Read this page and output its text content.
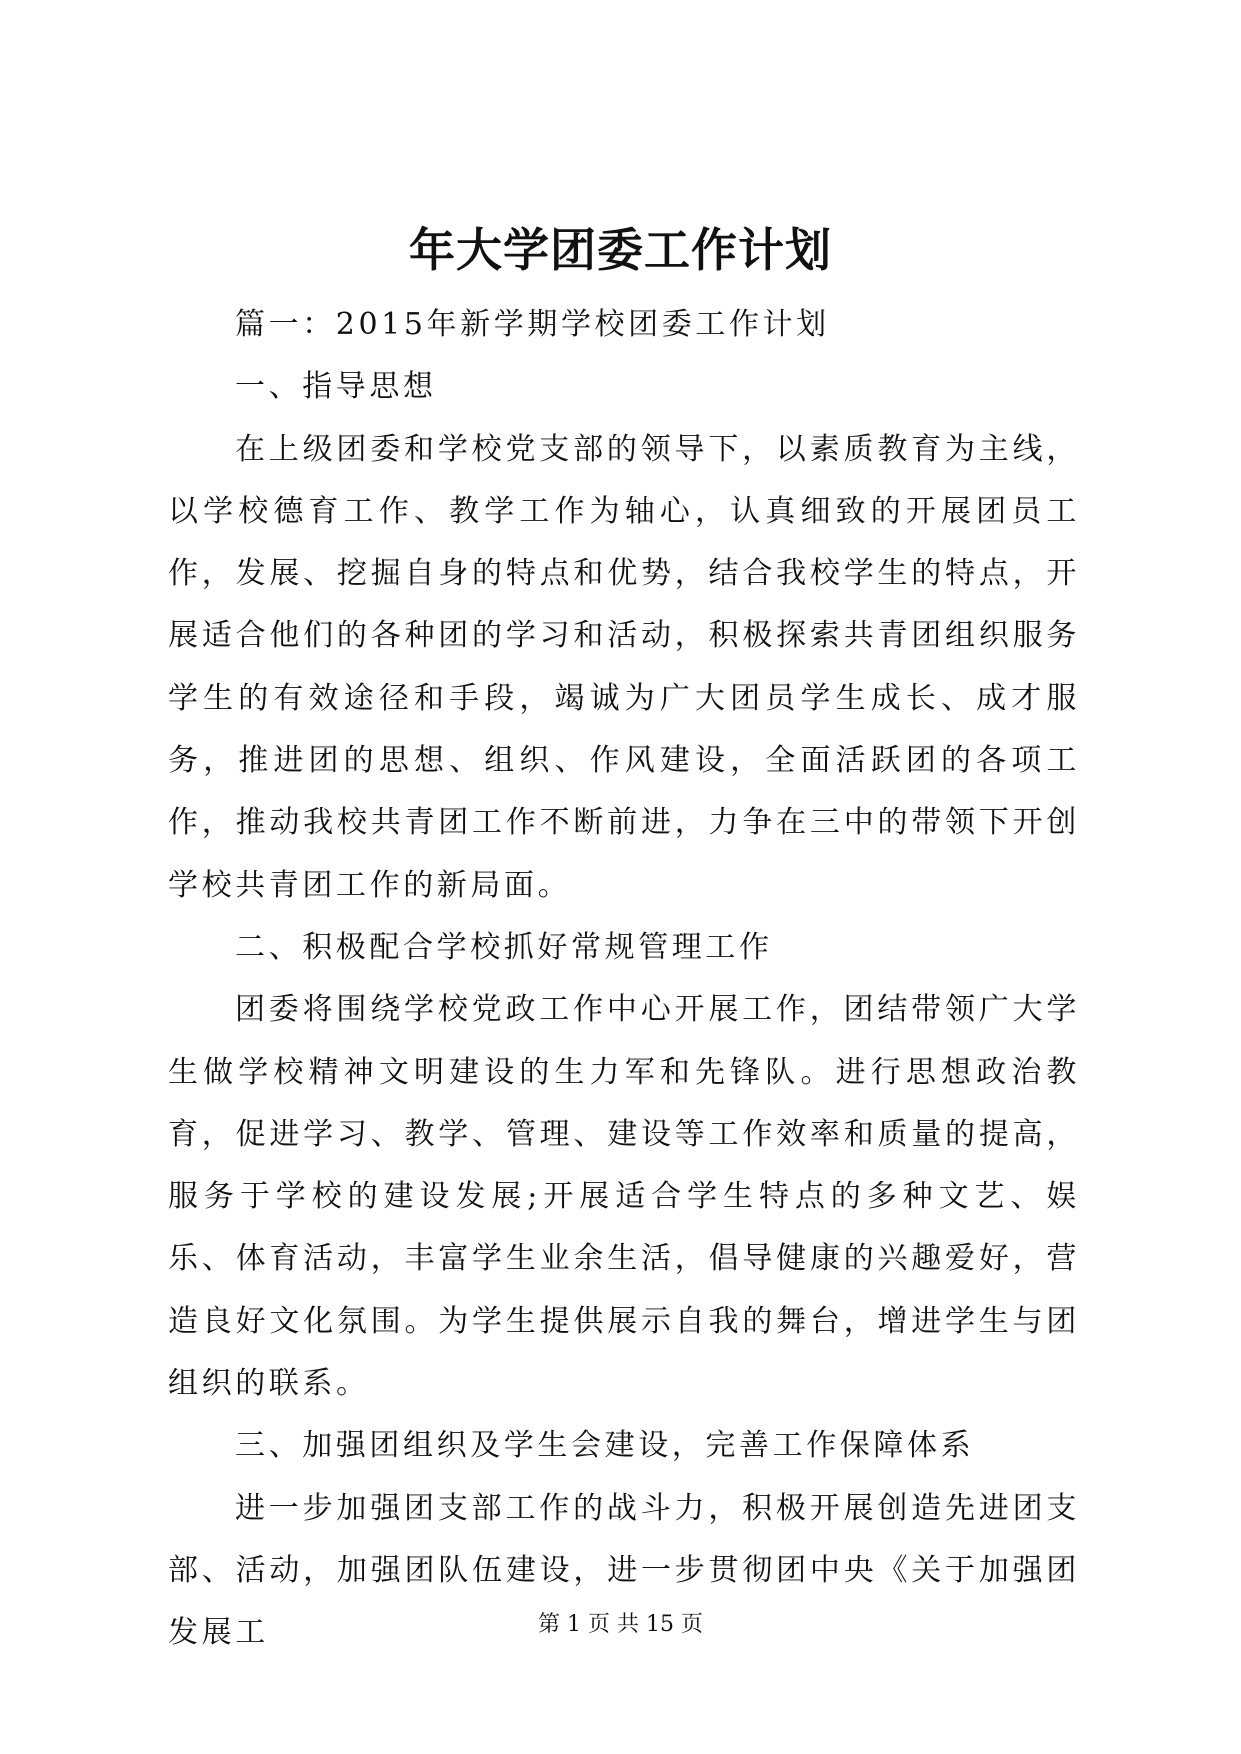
年大学团委工作计划

篇一：2015年新学期学校团委工作计划

一、指导思想

在上级团委和学校党支部的领导下，以素质教育为主线，以学校德育工作、教学工作为轴心，认真细致的开展团员工作，发展、挖掘自身的特点和优势，结合我校学生的特点，开展适合他们的各种团的学习和活动，积极探索共青团组织服务学生的有效途径和手段，竭诚为广大团员学生成长、成才服务，推进团的思想、组织、作风建设，全面活跃团的各项工作，推动我校共青团工作不断前进，力争在三中的带领下开创学校共青团工作的新局面。

二、积极配合学校抓好常规管理工作

团委将围绕学校党政工作中心开展工作，团结带领广大学生做学校精神文明建设的生力军和先锋队。进行思想政治教育，促进学习、教学、管理、建设等工作效率和质量的提高，服务于学校的建设发展;开展适合学生特点的多种文艺、娱乐、体育活动，丰富学生业余生活，倡导健康的兴趣爱好，营造良好文化氛围。为学生提供展示自我的舞台，增进学生与团组织的联系。

三、加强团组织及学生会建设，完善工作保障体系

进一步加强团支部工作的战斗力，积极开展创造先进团支部、活动，加强团队伍建设，进一步贯彻团中央《关于加强团发展工	第 1 页 共 15 页
